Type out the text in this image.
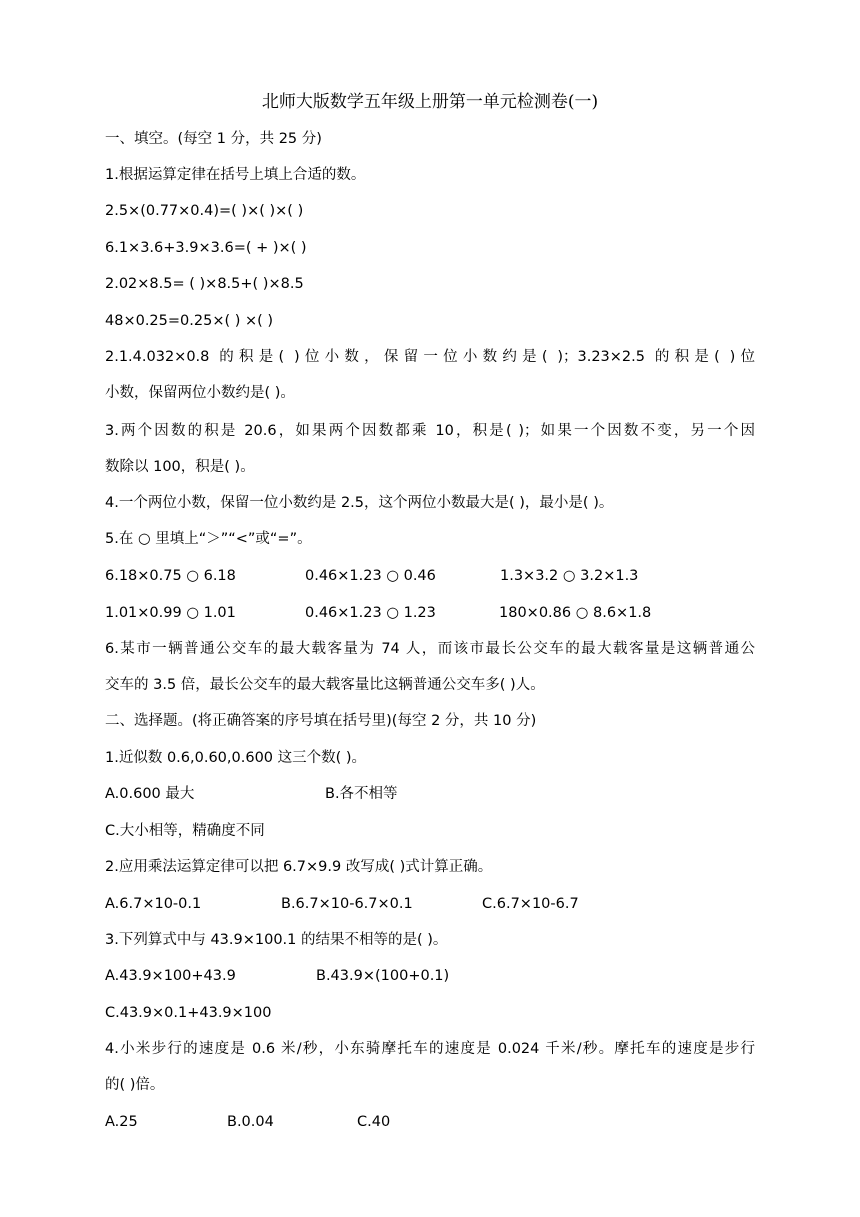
北师大版数学五年级上册第一单元检测卷(一)
一、填空。(每空 1 分，共 25 分)
1.根据运算定律在括号上填上合适的数。
2.5×(0.77×0.4)=( )×( )×( )
6.1×3.6+3.9×3.6=( + )×( )
2.02×8.5= ( )×8.5+( )×8.5
48×0.25=0.25×( ) ×( )
2.1.4.032×0.8 的积是( )位小数，保留一位小数约是( )；3.23×2.5 的积是( )位
小数，保留两位小数约是( )。
3.两个因数的积是 20.6，如果两个因数都乘 10，积是( )；如果一个因数不变，另一个因
数除以 100，积是( )。
4.一个两位小数，保留一位小数约是 2.5，这个两位小数最大是( )，最小是( )。
5.在 ○ 里填上“＞”“<”或“=”。
6.18×0.75 ○ 6.18	0.46×1.23 ○ 0.46	1.3×3.2 ○ 3.2×1.3
1.01×0.99 ○ 1.01	0.46×1.23 ○ 1.23	180×0.86 ○ 8.6×1.8
6.某市一辆普通公交车的最大载客量为 74 人，而该市最长公交车的最大载客量是这辆普通公
交车的 3.5 倍，最长公交车的最大载客量比这辆普通公交车多( )人。
二、选择题。(将正确答案的序号填在括号里)(每空 2 分，共 10 分)
1.近似数 0.6,0.60,0.600 这三个数( )。
A.0.600 最大	B.各不相等
C.大小相等，精确度不同
2.应用乘法运算定律可以把 6.7×9.9 改写成( )式计算正确。
A.6.7×10-0.1	B.6.7×10-6.7×0.1	C.6.7×10-6.7
3.下列算式中与 43.9×100.1 的结果不相等的是( )。
A.43.9×100+43.9	B.43.9×(100+0.1)
C.43.9×0.1+43.9×100
4.小米步行的速度是 0.6 米/秒，小东骑摩托车的速度是 0.024 千米/秒。摩托车的速度是步行
的( )倍。
A.25	B.0.04	C.40
